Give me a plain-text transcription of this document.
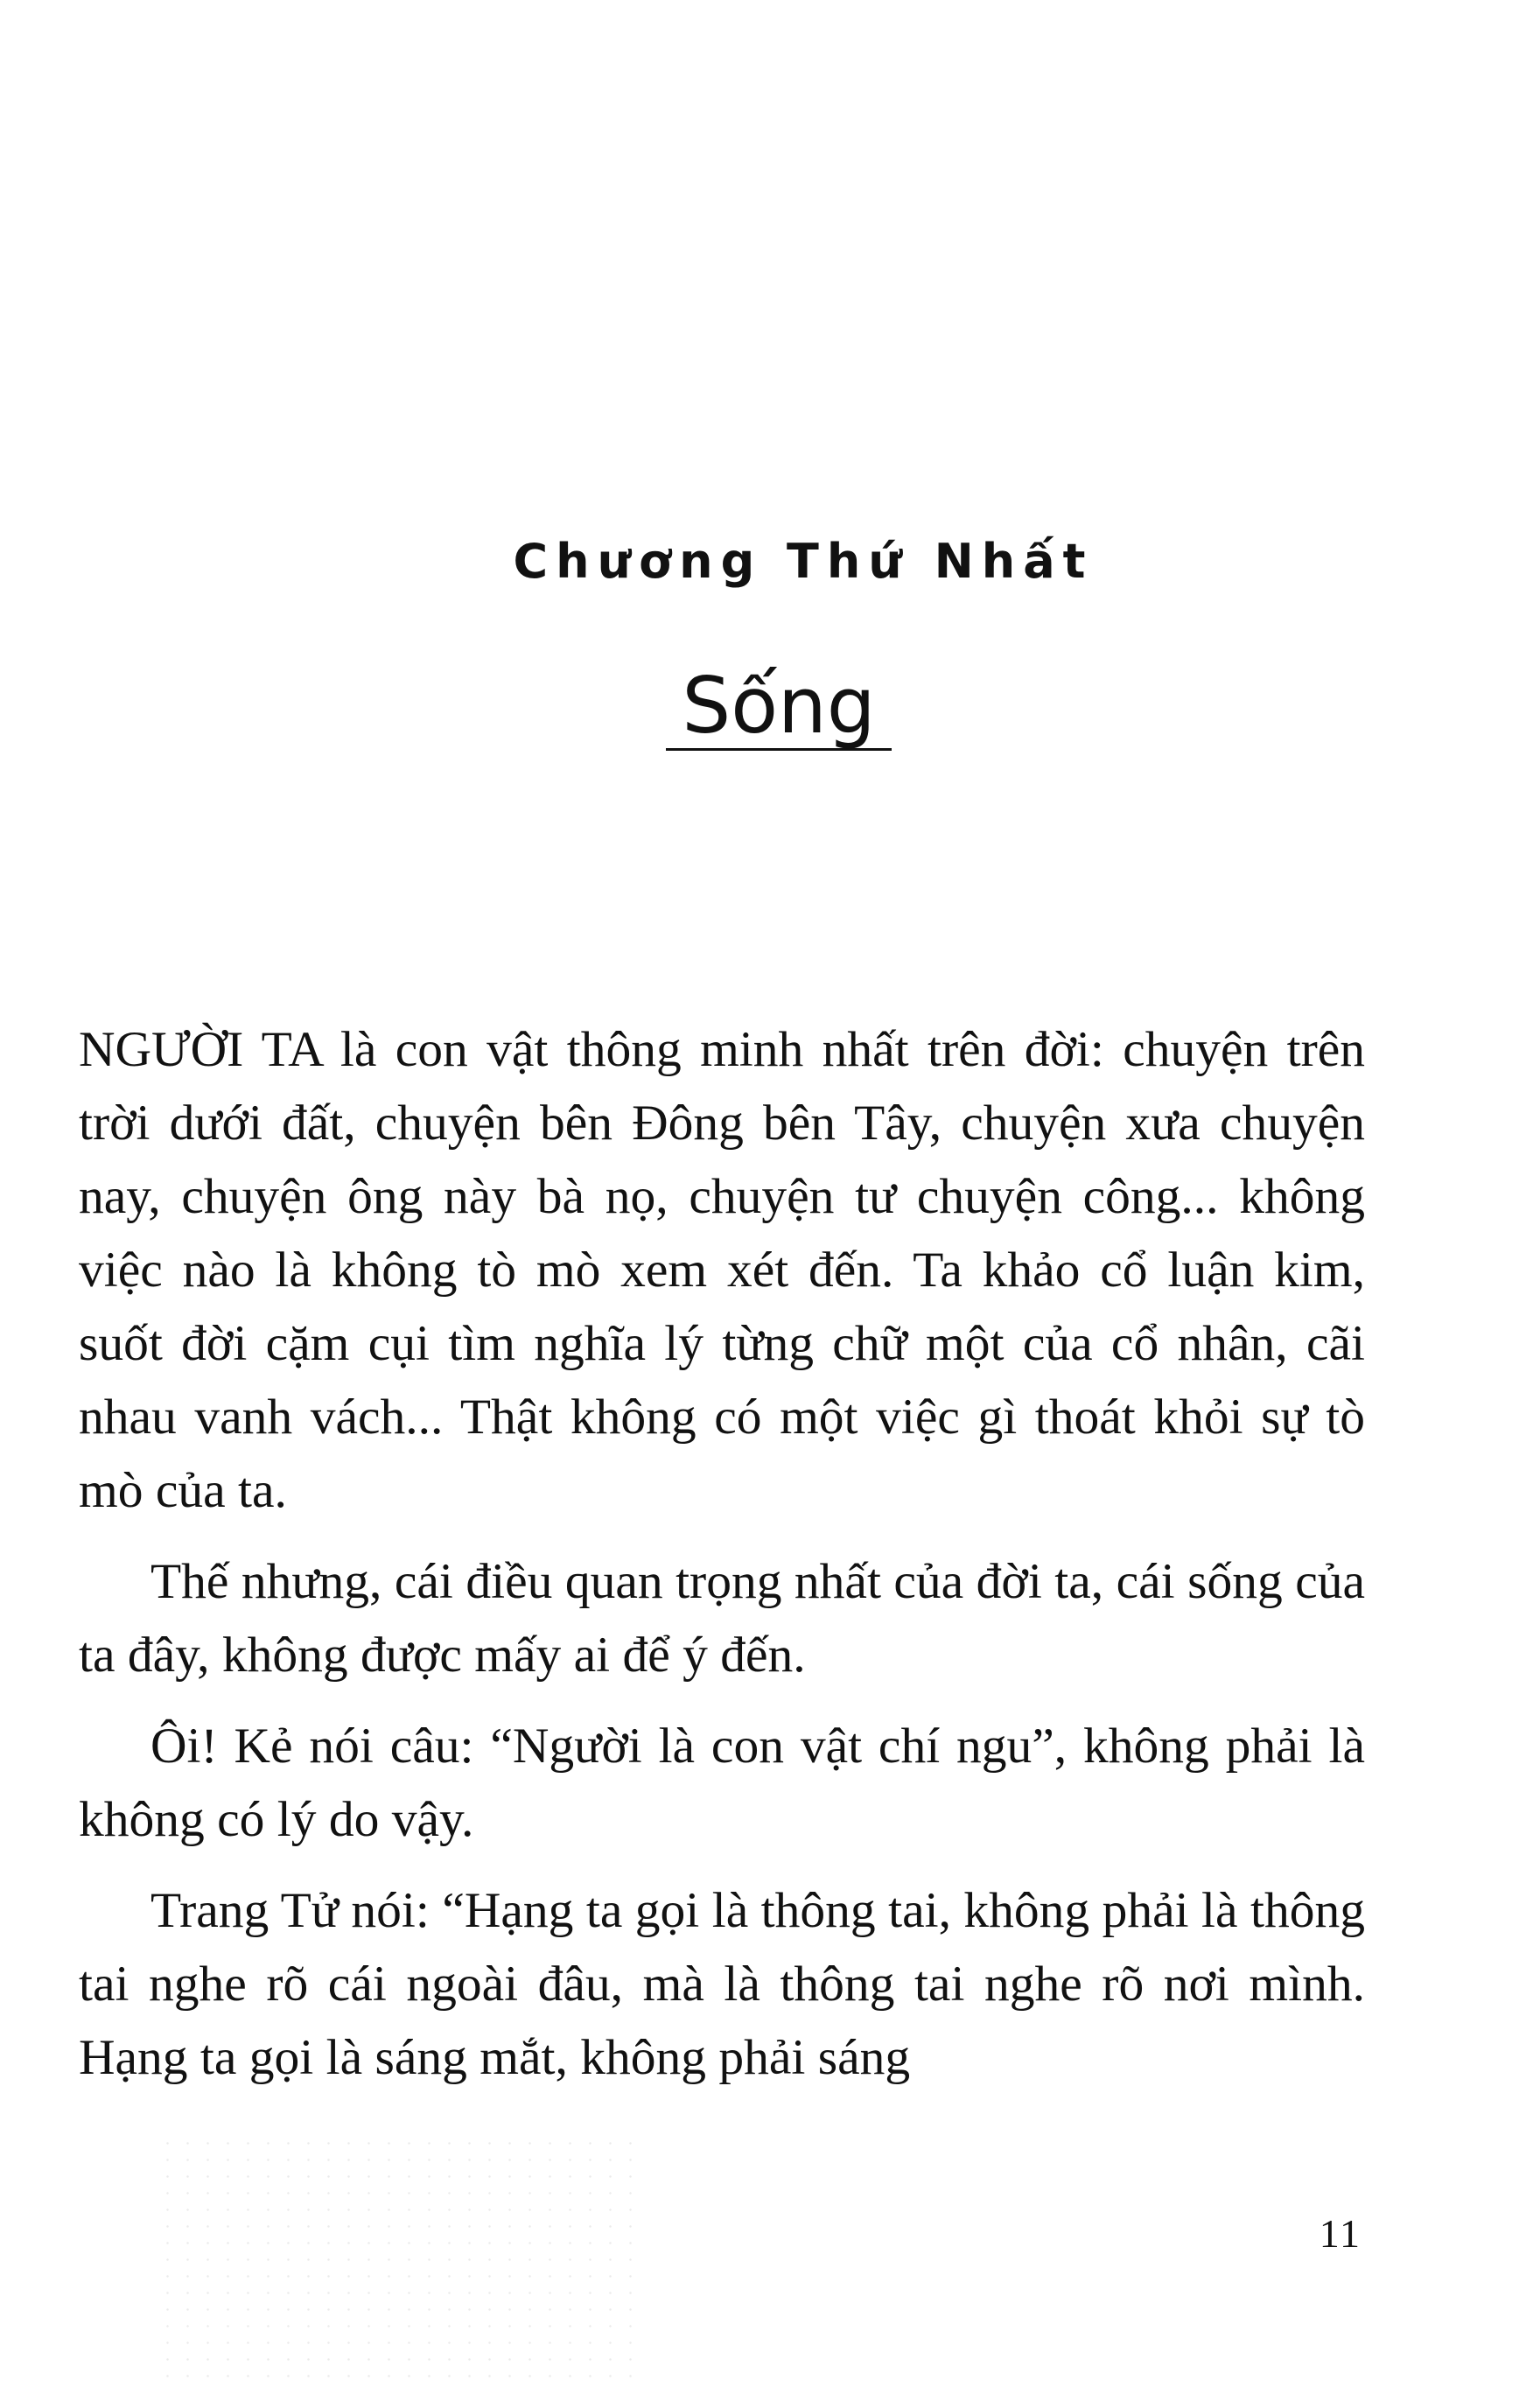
Chương Thứ Nhất
Sống

NGƯỜI TA là con vật thông minh nhất trên đời: chuyện trên trời dưới đất, chuyện bên Đông bên Tây, chuyện xưa chuyện nay, chuyện ông này bà nọ, chuyện tư chuyện công... không việc nào là không tò mò xem xét đến. Ta khảo cổ luận kim, suốt đời cặm cụi tìm nghĩa lý từng chữ một của cổ nhân, cãi nhau vanh vách... Thật không có một việc gì thoát khỏi sự tò mò của ta.

Thế nhưng, cái điều quan trọng nhất của đời ta, cái sống của ta đây, không được mấy ai để ý đến.

Ôi! Kẻ nói câu: “Người là con vật chí ngu”, không phải là không có lý do vậy.

Trang Tử nói: “Hạng ta gọi là thông tai, không phải là thông tai nghe rõ cái ngoài đâu, mà là thông tai nghe rõ nơi mình. Hạng ta gọi là sáng mắt, không phải sáng

11
